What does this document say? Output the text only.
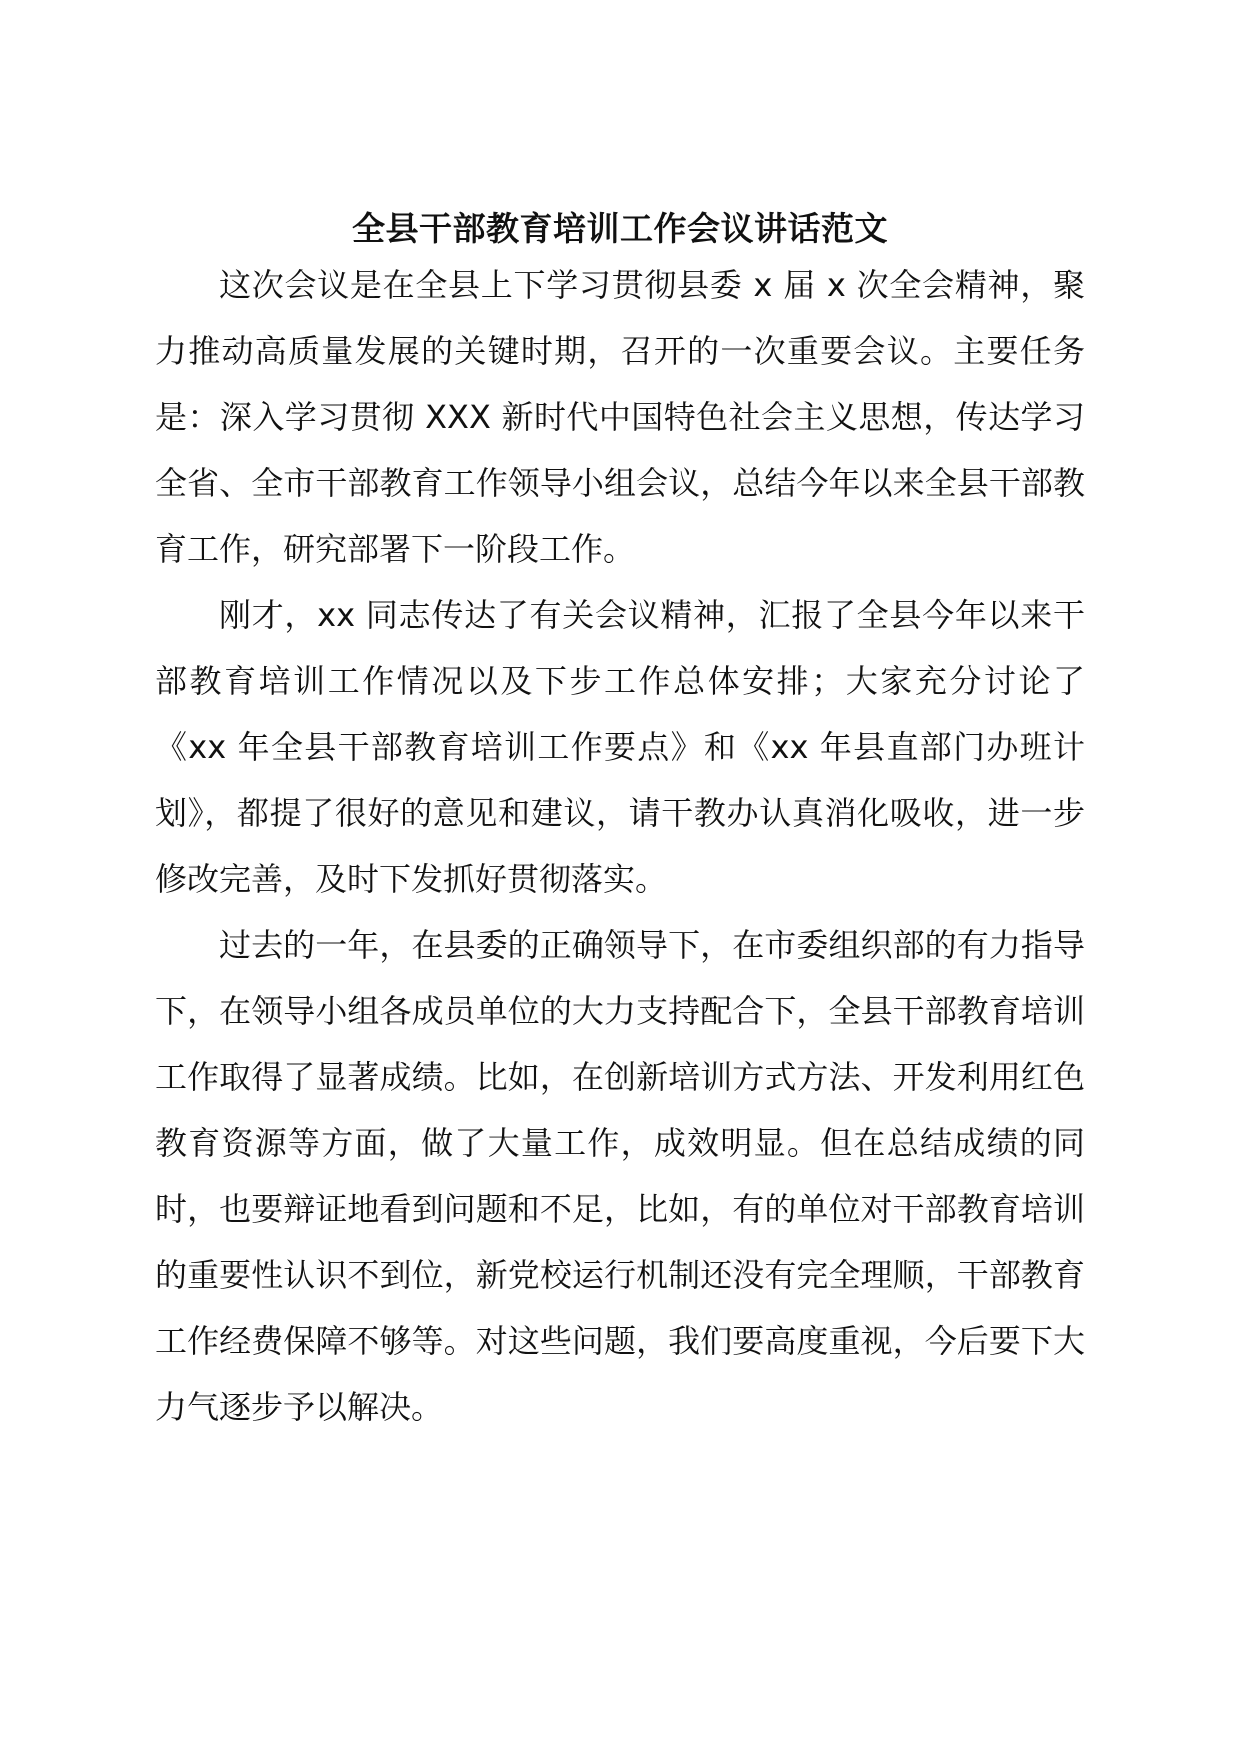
全县干部教育培训工作会议讲话范文

这次会议是在全县上下学习贯彻县委 x 届 x 次全会精神，聚力推动高质量发展的关键时期，召开的一次重要会议。主要任务是：深入学习贯彻 XXX 新时代中国特色社会主义思想，传达学习全省、全市干部教育工作领导小组会议，总结今年以来全县干部教育工作，研究部署下一阶段工作。

刚才，xx 同志传达了有关会议精神，汇报了全县今年以来干部教育培训工作情况以及下步工作总体安排；大家充分讨论了《xx 年全县干部教育培训工作要点》和《xx 年县直部门办班计划》，都提了很好的意见和建议，请干教办认真消化吸收，进一步修改完善，及时下发抓好贯彻落实。

过去的一年，在县委的正确领导下，在市委组织部的有力指导下，在领导小组各成员单位的大力支持配合下，全县干部教育培训工作取得了显著成绩。比如，在创新培训方式方法、开发利用红色教育资源等方面，做了大量工作，成效明显。但在总结成绩的同时，也要辩证地看到问题和不足，比如，有的单位对干部教育培训的重要性认识不到位，新党校运行机制还没有完全理顺，干部教育工作经费保障不够等。对这些问题，我们要高度重视，今后要下大力气逐步予以解决。
